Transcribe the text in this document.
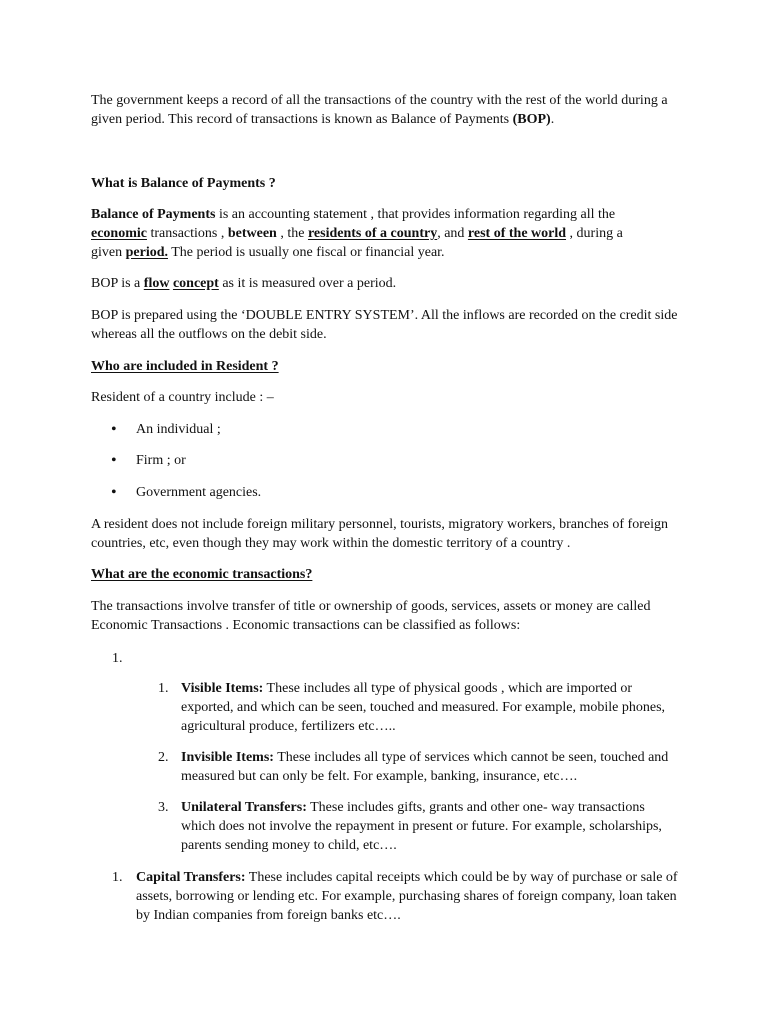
The government keeps a record of all the transactions of the country with the rest of the world during a given period. This record of transactions is known as Balance of Payments (BOP).

What is Balance of Payments ?

Balance of Payments is an accounting statement , that provides information regarding all the economic transactions , between , the residents of a country, and rest of the world , during a given period. The period is usually one fiscal or financial year.

BOP is a flow concept as it is measured over a period.

BOP is prepared using the ‘DOUBLE ENTRY SYSTEM’. All the inflows are recorded on the credit side whereas all the outflows on the debit side.

Who are included in Resident ?

Resident of a country include : –

• An individual ;

• Firm ; or

• Government agencies.

A resident does not include foreign military personnel, tourists, migratory workers, branches of foreign countries, etc, even though they may work within the domestic territory of a country .

What are the economic transactions?

The transactions involve transfer of title or ownership of goods, services, assets or money are called Economic Transactions . Economic transactions can be classified as follows:

1.

1. Visible Items: These includes all type of physical goods , which are imported or exported, and which can be seen, touched and measured. For example, mobile phones, agricultural produce, fertilizers etc…..

2. Invisible Items: These includes all type of services which cannot be seen, touched and measured but can only be felt. For example, banking, insurance, etc….

3. Unilateral Transfers: These includes gifts, grants and other one- way transactions which does not involve the repayment in present or future. For example, scholarships, parents sending money to child, etc….

1. Capital Transfers: These includes capital receipts which could be by way of purchase or sale of assets, borrowing or lending etc. For example, purchasing shares of foreign company, loan taken by Indian companies from foreign banks etc….
